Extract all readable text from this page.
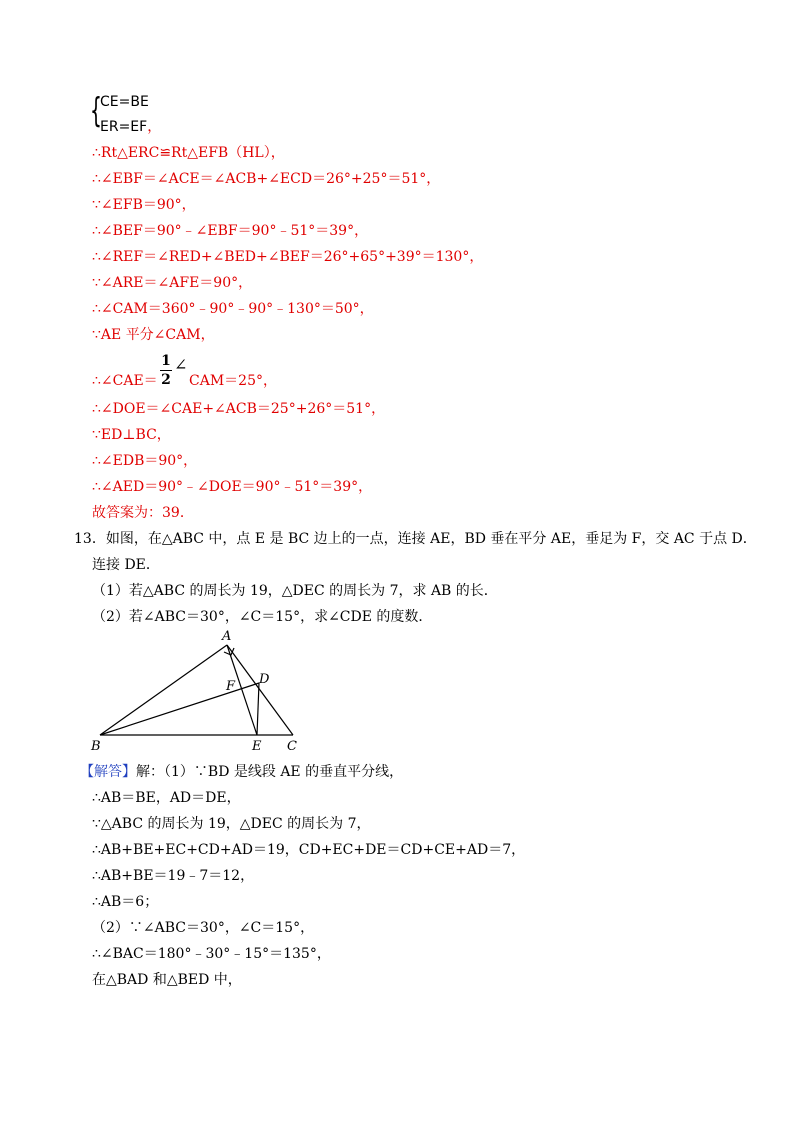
{
CE=BE
ER=EF，
∴Rt△ERC≌Rt△EFB（HL），
∴∠EBF＝∠ACE＝∠ACB+∠ECD＝26°+25°＝51°，
∵∠EFB＝90°，
∴∠BEF＝90°﹣∠EBF＝90°﹣51°＝39°，
∴∠REF＝∠RED+∠BED+∠BEF＝26°+65°+39°＝130°，
∵∠ARE＝∠AFE＝90°，
∴∠CAM＝360°﹣90°﹣90°﹣130°＝50°，
∵AE 平分∠CAM，
∴∠CAE＝
1
2
∠
CAM＝25°，
∴∠DOE＝∠CAE+∠ACB＝25°+26°＝51°，
∵ED⊥BC，
∴∠EDB＝90°，
∴∠AED＝90°﹣∠DOE＝90°﹣51°＝39°，
故答案为：39．
13．如图，在△ABC 中，点 E 是 BC 边上的一点，连接 AE，BD 垂在平分 AE，垂足为 F，交 AC 于点 D．
连接 DE．
（1）若△ABC 的周长为 19，△DEC 的周长为 7，求 AB 的长．
（2）若∠ABC＝30°，∠C＝15°，求∠CDE 的度数．
A
B	C
D
E
F
【解答】解：（1）∵BD 是线段 AE 的垂直平分线，
∴AB＝BE，AD＝DE，
∵△ABC 的周长为 19，△DEC 的周长为 7，
∴AB+BE+EC+CD+AD＝19，CD+EC+DE＝CD+CE+AD＝7，
∴AB+BE＝19﹣7＝12，
∴AB＝6；
（2）∵∠ABC＝30°，∠C＝15°，
∴∠BAC＝180°﹣30°﹣15°＝135°，
在△BAD 和△BED 中，
